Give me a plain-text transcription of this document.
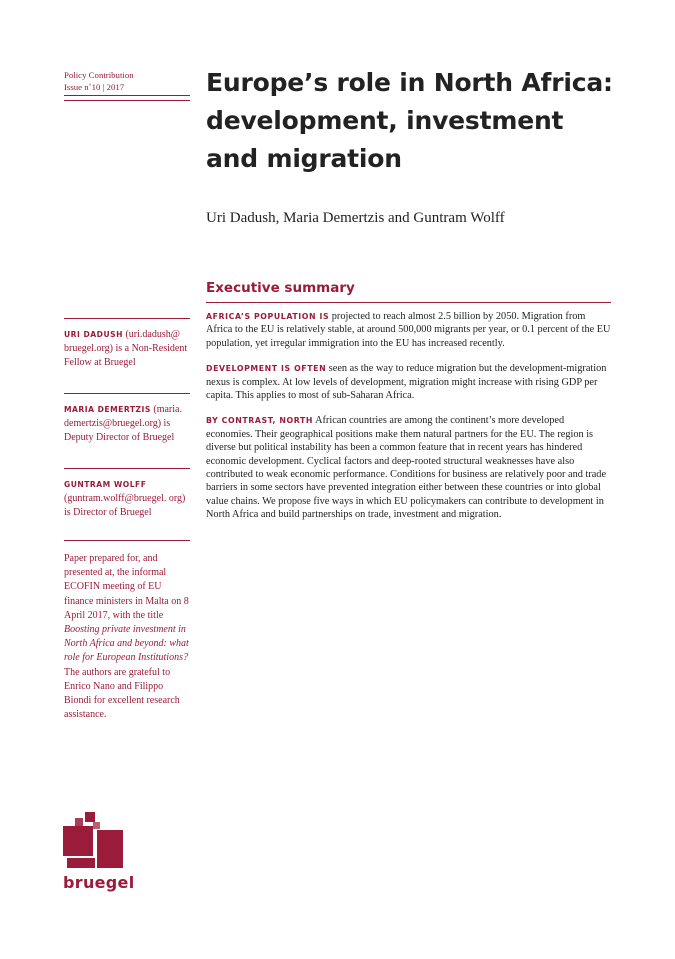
Policy Contribution
Issue n˚10 | 2017	Europe’s role in North Africa:
development, investment
and migration
Uri Dadush, Maria Demertzis and Guntram Wolff
Executive summary

AFRICA’S POPULATION IS projected to reach almost 2.5 billion by 2050. Migration from Africa to the EU is relatively stable, at around 500,000 migrants per year, or 0.1 percent of the EU population, yet irregular immigration into the EU has increased recently.

DEVELOPMENT IS OFTEN seen as the way to reduce migration but the development-migration nexus is complex. At low levels of development, migration might increase with rising GDP per capita. This applies to most of sub-Saharan Africa.

BY CONTRAST, NORTH African countries are among the continent’s more developed economies. Their geographical positions make them natural partners for the EU. The region is diverse but political instability has been a common feature that in recent years has hindered economic development. Cyclical factors and deep-rooted structural weaknesses have also contributed to weak economic performance. Conditions for business are relatively poor and trade barriers in some sectors have prevented integration either between these countries or into global value chains. We propose five ways in which EU policymakers can contribute to development in North Africa and build partnerships on trade, investment and migration.

URI DADUSH (uri.dadush@ bruegel.org) is a Non-Resident Fellow at Bruegel
MARIA DEMERTZIS (maria. demertzis@bruegel.org) is Deputy Director of Bruegel
GUNTRAM WOLFF (guntram.wolff@bruegel. org) is Director of Bruegel
Paper prepared for, and presented at, the informal ECOFIN meeting of EU finance ministers in Malta on 8 April 2017, with the title Boosting private investment in North Africa and beyond: what role for European Institutions? The authors are grateful to Enrico Nano and Filippo Biondi for excellent research assistance.
bruegel
